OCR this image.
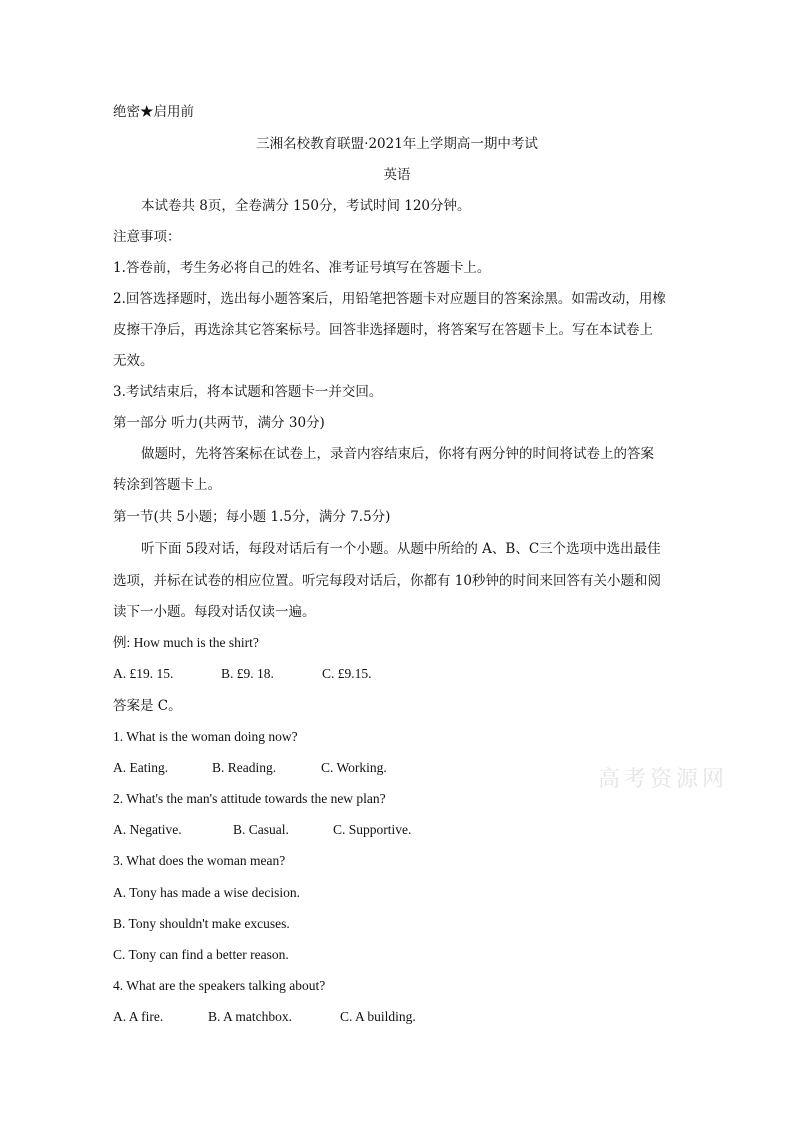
绝密★启用前
三湘名校教育联盟·2021年上学期高一期中考试
英语
本试卷共 8页，全卷满分 150分，考试时间 120分钟。
注意事项：
1.答卷前，考生务必将自己的姓名、准考证号填写在答题卡上。
2.回答选择题时，选出每小题答案后，用铅笔把答题卡对应题目的答案涂黑。如需改动，用橡
皮擦干净后，再选涂其它答案标号。回答非选择题时，将答案写在答题卡上。写在本试卷上
无效。
3.考试结束后，将本试题和答题卡一并交回。
第一部分 听力(共两节，满分 30分)
做题时，先将答案标在试卷上，录音内容结束后，你将有两分钟的时间将试卷上的答案
转涂到答题卡上。
第一节(共 5小题；每小题 1.5分，满分 7.5分)
听下面 5段对话，每段对话后有一个小题。从题中所给的 A、B、C三个选项中选出最佳
选项，并标在试卷的相应位置。听完每段对话后，你都有 10秒钟的时间来回答有关小题和阅
读下一小题。每段对话仅读一遍。
例: How much is the shirt?
A. £19. 15.	B. £9. 18.	C. £9.15.
答案是 C。
1. What is the woman doing now?
A. Eating.	B. Reading.	C. Working.
2. What's the man's attitude towards the new plan?
A. Negative.	B. Casual.	C. Supportive.
3. What does the woman mean?
A. Tony has made a wise decision.
B. Tony shouldn't make excuses.
C. Tony can find a better reason.
4. What are the speakers talking about?
A. A fire.	B. A matchbox.	C. A building.
高考资源网
